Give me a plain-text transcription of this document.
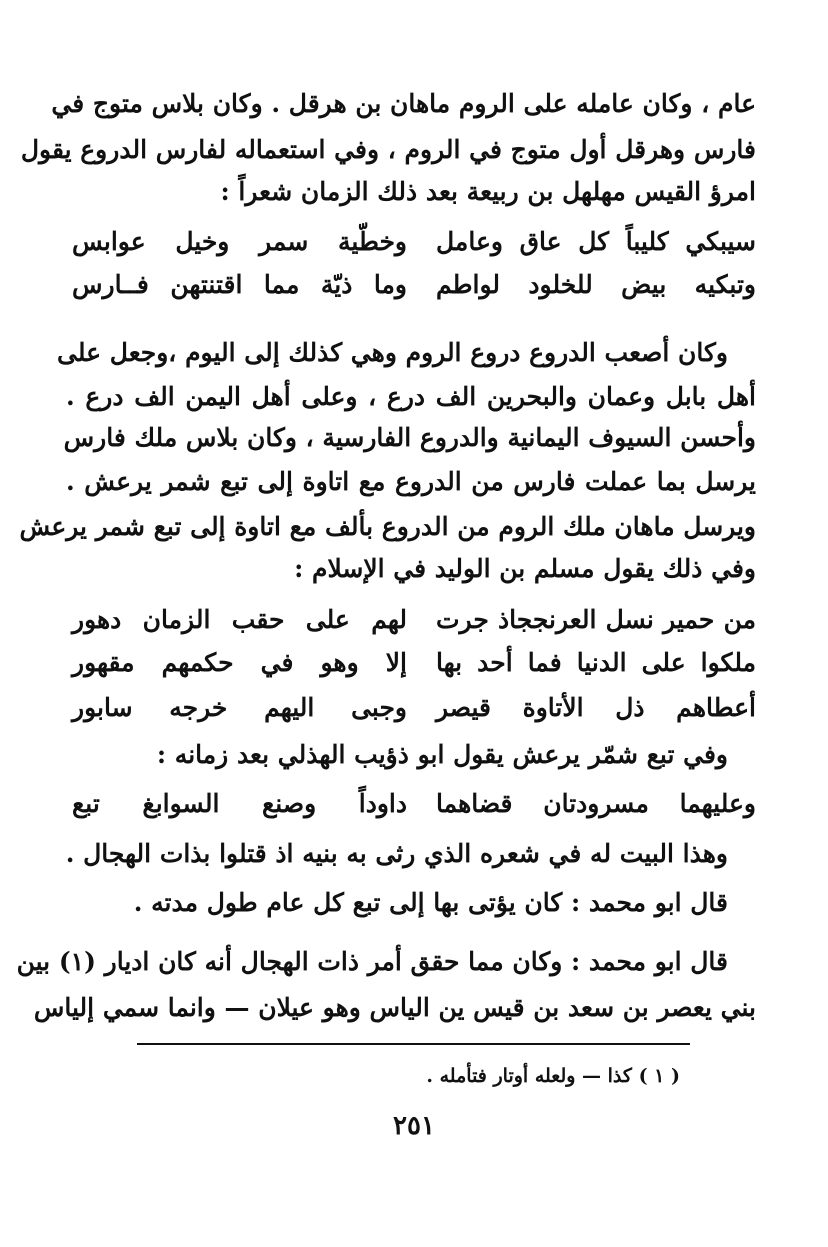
عام ، وكان عامله على الروم ماهان بن هرقل . وكان بلاس متوج في
فارس وهرقل أول متوج في الروم ، وفي استعماله لفارس الدروع يقول
امرؤ القيس مهلهل بن ربيعة بعد ذلك الزمان شعراً :
سيبكي كليباً كل عاق وعامل
وخطّية سمر وخيل عوابس
وتبكيه بيض للخلود لواطم
وما ذيّة مما اقتنتهن فــارس
وكان أصعب الدروع دروع الروم وهي كذلك إلى اليوم ،وجعل على
أهل بابل وعمان والبحرين الف درع ، وعلى أهل اليمن الف درع .
وأحسن السيوف اليمانية والدروع الفارسية ، وكان بلاس ملك فارس
يرسل بما عملت فارس من الدروع مع اتاوة إلى تبع شمر يرعش .
ويرسل ماهان ملك الروم من الدروع بألف مع اتاوة إلى تبع شمر يرعش
وفي ذلك يقول مسلم بن الوليد في الإسلام :
من حمير نسل العرنججاذ جرت
لهم على حقب الزمان دهور
ملكوا على الدنيا فما أحد بها
إلا وهو في حكمهم مقهور
أعطاهم ذل الأتاوة قيصر
وجبى اليهم خرجه سابور
وفي تبع شمّر يرعش يقول ابو ذؤيب الهذلي بعد زمانه :
وعليهما مسرودتان قضاهما
داوداً وصنع السوابغ تبع
وهذا البيت له في شعره الذي رثى به بنيه اذ قتلوا بذات الهجال .
قال ابو محمد : كان يؤتى بها إلى تبع كل عام طول مدته .
قال ابو محمد : وكان مما حقق أمر ذات الهجال أنه كان اديار (١) بين
بني يعصر بن سعد بن قيس ين الياس وهو عيلان — وانما سمي إلياس
( ١ ) كذا — ولعله أوتار فتأمله .
٢٥١
